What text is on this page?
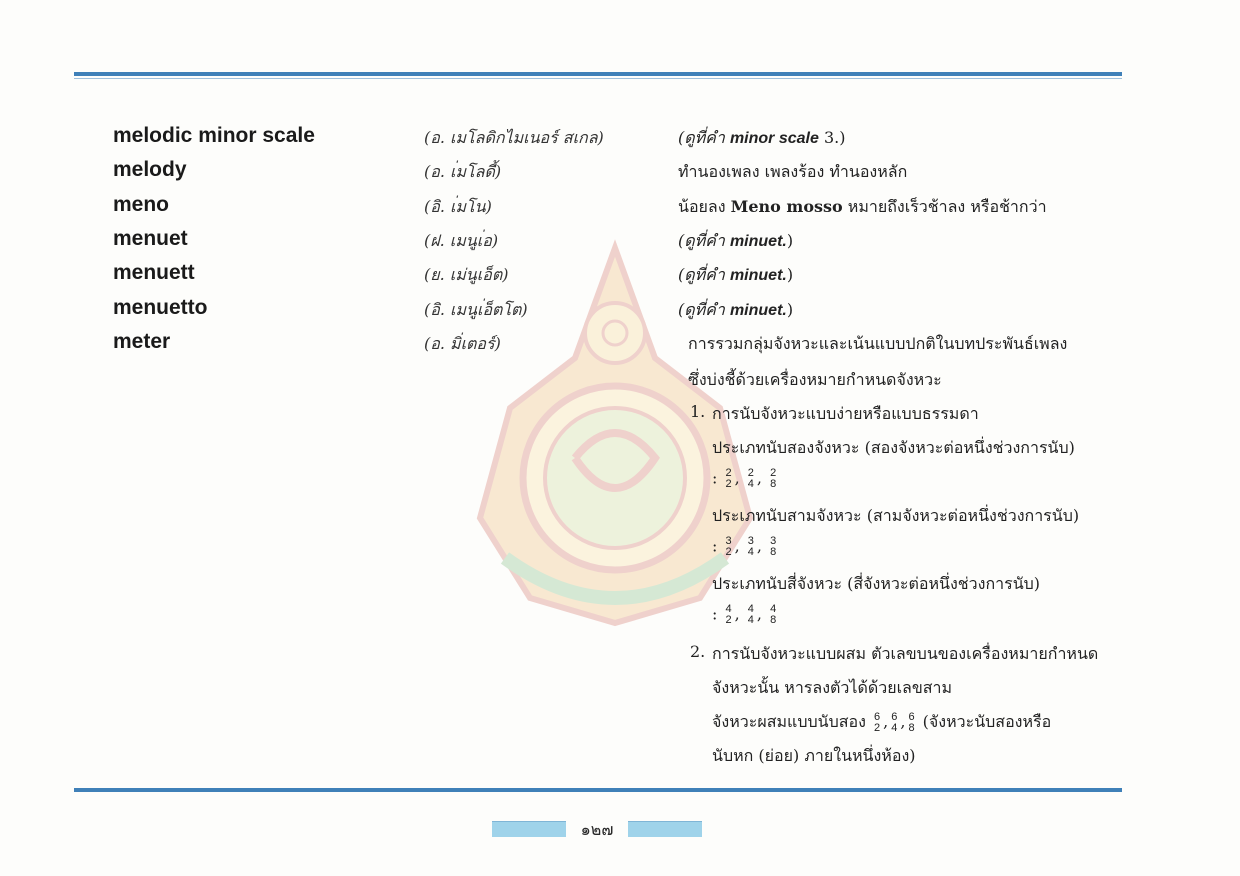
melodic minor scale	(อ. เมโลดิกไมเนอร์ สเกล)	(ดูที่คำ minor scale 3.)
melody	(อ. เ่มโลดี้)	ทำนองเพลง เพลงร้อง ทำนองหลัก
meno	(อิ. เ่มโน)	น้อยลง Meno mosso หมายถึงเร็วช้าลง หรือช้ากว่า
menuet	(ฝ. เมนูเ่อ)	(ดูที่คำ minuet.)
menuett	(ย. เม่นูเอ็ต)	(ดูที่คำ minuet.)
menuetto	(อิ. เมนูเ่อ็ตโต)	(ดูที่คำ minuet.)
meter	(อ. มิ่เตอร์)	การรวมกลุ่มจังหวะและเน้นแบบปกติในบทประพันธ์เพลง
ซึ่งบ่งชี้ด้วยเครื่องหมายกำหนดจังหวะ
1. การนับจังหวะแบบง่ายหรือแบบธรรมดา
ประเภทนับสองจังหวะ (สองจังหวะต่อหนึ่งช่วงการนับ)
: 2
2 , 2
4 , 2
8
ประเภทนับสามจังหวะ (สามจังหวะต่อหนึ่งช่วงการนับ)
: 3
2 , 3
4 , 3
8
ประเภทนับสี่จังหวะ (สี่จังหวะต่อหนึ่งช่วงการนับ)
: 4
2 , 4
4 , 4
8
2. การนับจังหวะแบบผสม ตัวเลขบนของเครื่องหมายกำหนด
จังหวะนั้น หารลงตัวได้ด้วยเลขสาม
จังหวะผสมแบบนับสอง 6
2 , 6
4 , 6
8 (จังหวะนับสองหรือ
นับหก (ย่อย) ภายในหนึ่งห้อง)
๑๒๗
